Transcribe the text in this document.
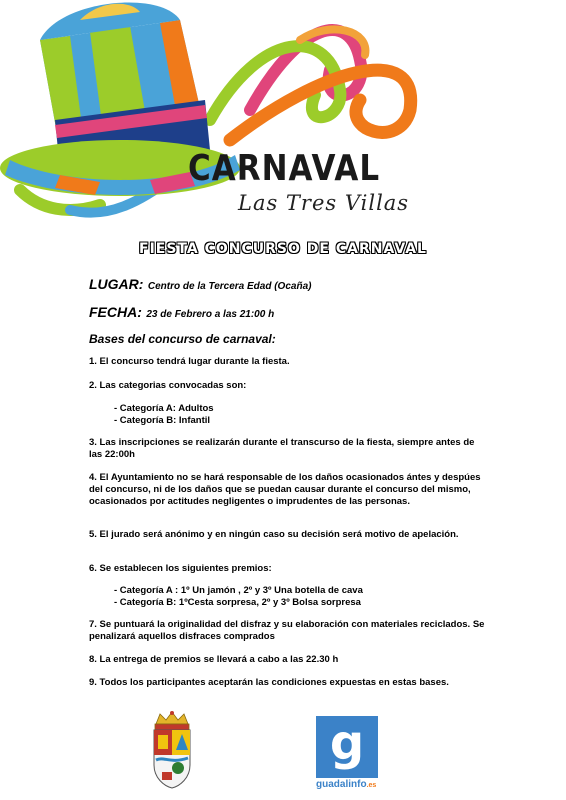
CARNAVAL
Las Tres Villas
FIESTA CONCURSO DE CARNAVAL
LUGAR: Centro de la Tercera Edad (Ocaña)
FECHA: 23 de Febrero a las 21:00 h
Bases del concurso de carnaval:
1. El concurso tendrá lugar durante la fiesta.
2. Las categorias convocadas son:
- Categoría A: Adultos
- Categoría B: Infantil
3. Las inscripciones se realizarán durante el transcurso de la fiesta, siempre antes de las 22:00h
4. El Ayuntamiento no se hará responsable de los daños ocasionados ántes y despúes del concurso, ni de los daños que se puedan causar durante el concurso del mismo, ocasionados por actitudes negligentes o imprudentes de las personas.
5. El jurado será anónimo y en ningún caso su decisión será motivo de apelación.
6. Se establecen los siguientes premios:
- Categoría A : 1º Un jamón , 2º y 3º Una botella de cava
- Categoría B: 1ºCesta sorpresa, 2º y 3º Bolsa sorpresa
7. Se puntuará la originalidad del disfraz y su elaboración con materiales reciclados. Se penalizará aquellos disfraces comprados
8. La entrega de premios se llevará a cabo a las 22.30 h
9. Todos los participantes aceptarán las condiciones expuestas en estas bases.
g
guadalinfo.es
